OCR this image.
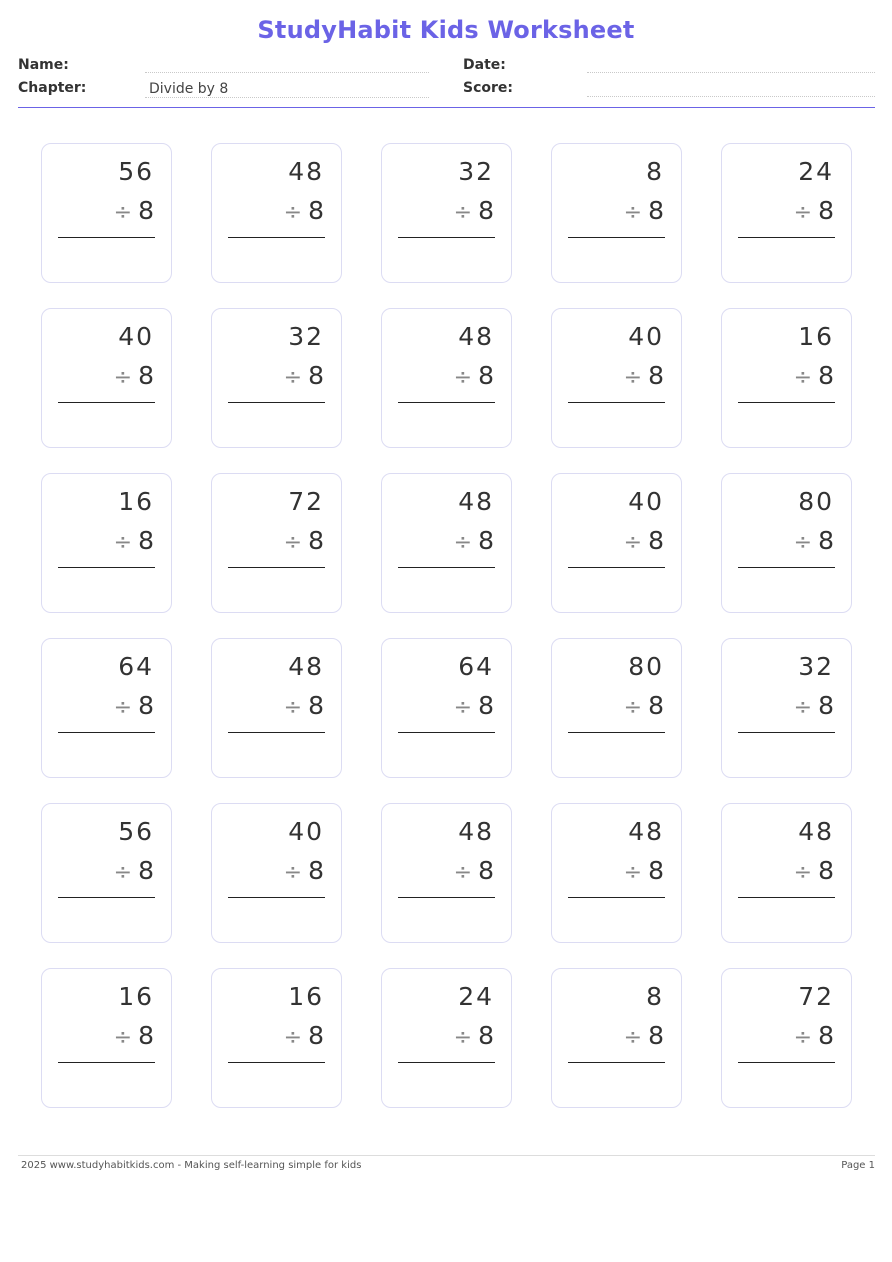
StudyHabit Kids Worksheet
Name:	Date:
Chapter:	Divide by 8	Score:
56
÷ 8
48
÷ 8
32
÷ 8
8
÷ 8
24
÷ 8
40
÷ 8
32
÷ 8
48
÷ 8
40
÷ 8
16
÷ 8
16
÷ 8
72
÷ 8
48
÷ 8
40
÷ 8
80
÷ 8
64
÷ 8
48
÷ 8
64
÷ 8
80
÷ 8
32
÷ 8
56
÷ 8
40
÷ 8
48
÷ 8
48
÷ 8
48
÷ 8
16
÷ 8
16
÷ 8
24
÷ 8
8
÷ 8
72
÷ 8
2025 www.studyhabitkids.com - Making self-learning simple for kids	Page 1
